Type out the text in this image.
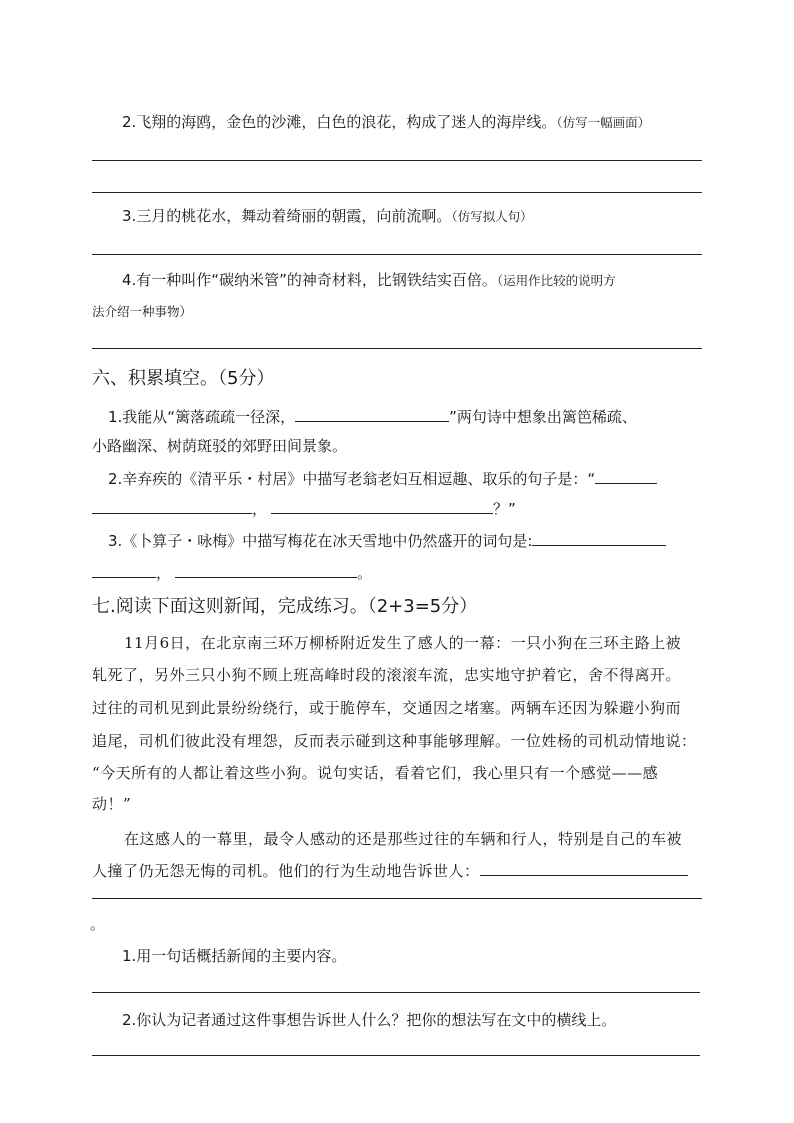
2.飞翔的海鸥，金色的沙滩，白色的浪花，构成了迷人的海岸线。（仿写一幅画面）
3.三月的桃花水，舞动着绮丽的朝霞，向前流啊。（仿写拟人句）
4.有一种叫作“碳纳米管”的神奇材料，比钢铁结实百倍。（运用作比较的说明方
法介绍一种事物）
六、积累填空。（5分）
1.我能从“篱落疏疏一径深，	”两句诗中想象出篱笆稀疏、
小路幽深、树荫斑驳的郊野田间景象。
2.辛弃疾的《清平乐・村居》中描写老翁老妇互相逗趣、取乐的句子是：“
，	？”
3.《卜算子・咏梅》中描写梅花在冰天雪地中仍然盛开的词句是:
，	。
七.阅读下面这则新闻，完成练习。（2+3=5分）
11月6日，在北京南三环万柳桥附近发生了感人的一幕：一只小狗在三环主路上被
轧死了，另外三只小狗不顾上班高峰时段的滚滚车流，忠实地守护着它，舍不得离开。
过往的司机见到此景纷纷绕行，或于脆停车，交通因之堵塞。两辆车还因为躲避小狗而
追尾，司机们彼此没有埋怨，反而表示碰到这种事能够理解。一位姓杨的司机动情地说：
“今天所有的人都让着这些小狗。说句实话，看着它们，我心里只有一个感觉——感
动！”
在这感人的一幕里，最令人感动的还是那些过往的车辆和行人，特别是自己的车被
人撞了仍无怨无悔的司机。他们的行为生动地告诉世人：
。
1.用一句话概括新闻的主要内容。
2.你认为记者通过这件事想告诉世人什么？把你的想法写在文中的横线上。
